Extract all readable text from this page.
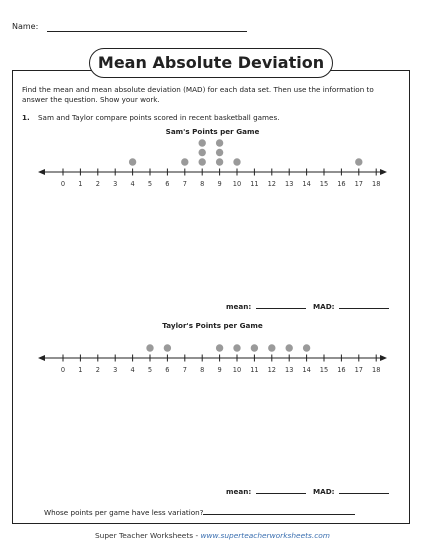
Name:
Mean Absolute Deviation
Find the mean and mean absolute deviation (MAD) for each data set. Then use the information to answer the question. Show your work.
1. Sam and Taylor compare points scored in recent basketball games.
Sam's Points per Game
0 1 2 3 4 5 6 7 8 9 10 11 12 13 14 15 16 17 18
mean:	MAD:
Taylor's Points per Game
0 1 2 3 4 5 6 7 8 9 10 11 12 13 14 15 16 17 18
mean:	MAD:
Whose points per game have less variation?
Super Teacher Worksheets - www.superteacherworksheets.com
